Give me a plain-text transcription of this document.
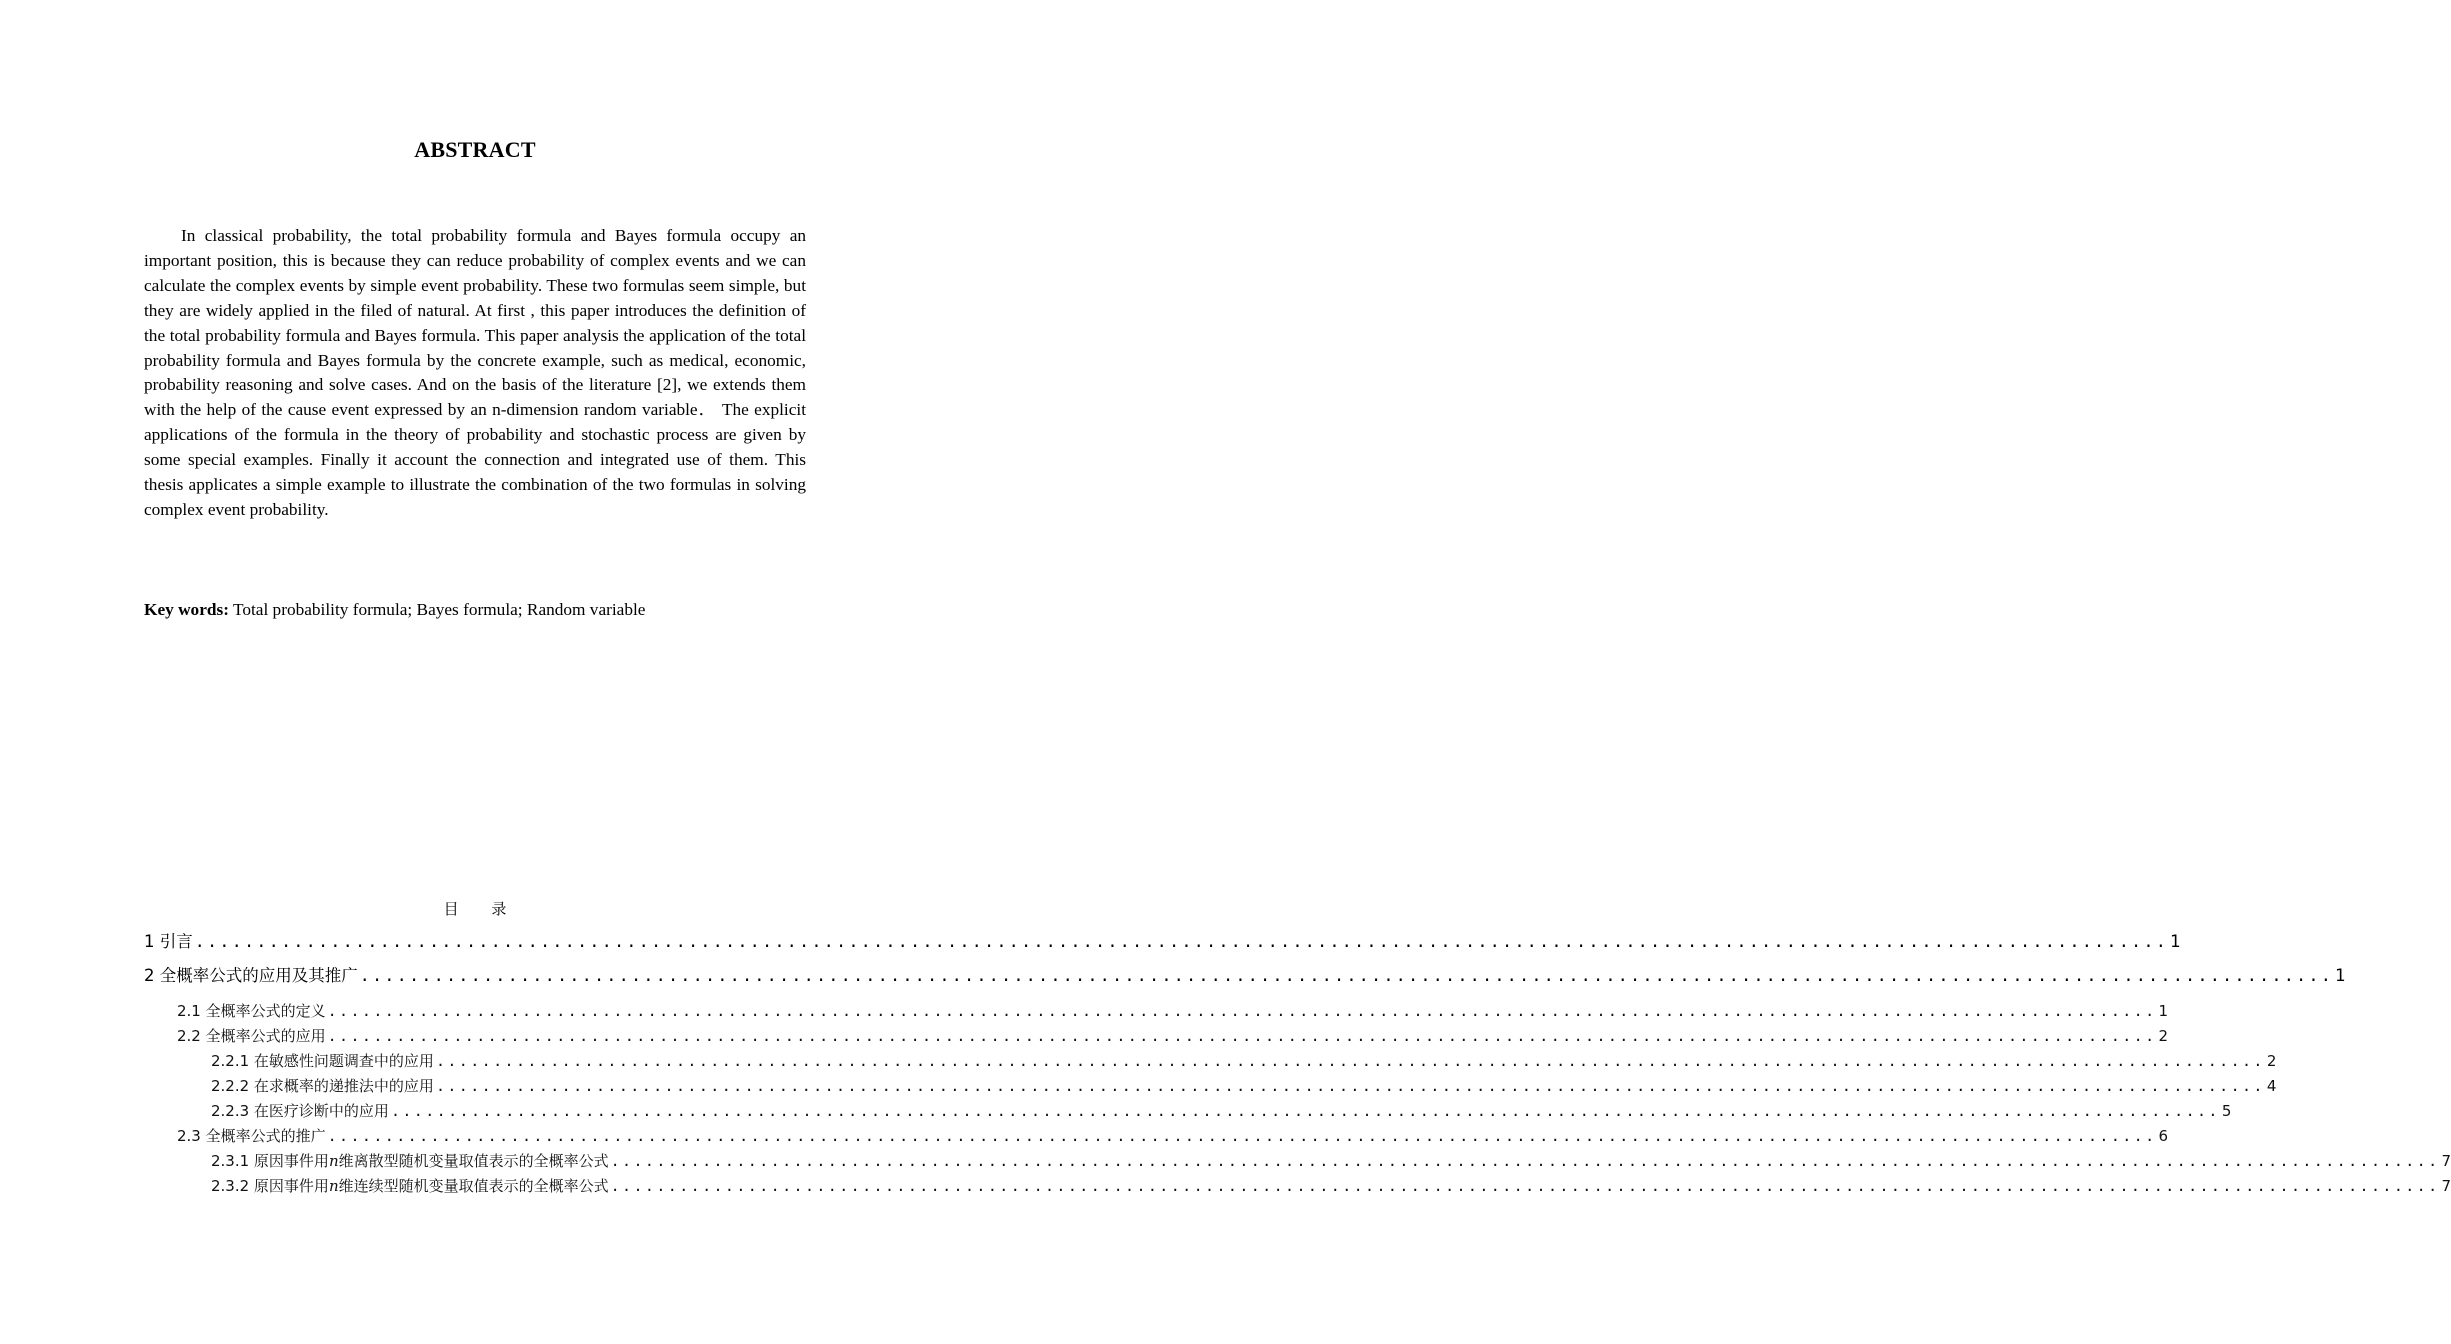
ABSTRACT

In classical probability, the total probability formula and Bayes formula occupy an important position, this is because they can reduce probability of complex events and we can calculate the complex events by simple event probability. These two formulas seem simple, but they are widely applied in the filed of natural. At first , this paper introduces the definition of the total probability formula and Bayes formula. This paper analysis the application of the total probability formula and Bayes formula by the concrete example, such as medical, economic, probability reasoning and solve cases. And on the basis of the literature [2], we extends them with the help of the cause event expressed by an n-dimension random variable． The explicit applications of the formula in the theory of probability and stochastic process are given by some special examples. Finally it account the connection and integrated use of them. This thesis applicates a simple example to illustrate the combination of the two formulas in solving complex event probability.

Key words: Total probability formula; Bayes formula; Random variable
目 录
1 引言 ................................................................................................................................................................ 1
2 全概率公式的应用及其推广 ................................................................................................................................................................ 1
2.1 全概率公式的定义 ................................................................................................................................................................ 1
2.2 全概率公式的应用 ................................................................................................................................................................ 2
2.2.1 在敏感性问题调查中的应用 ................................................................................................................................................................ 2
2.2.2 在求概率的递推法中的应用 ................................................................................................................................................................ 4
2.2.3 在医疗诊断中的应用 ................................................................................................................................................................ 5
2.3 全概率公式的推广 ................................................................................................................................................................ 6
2.3.1 原因事件用n维离散型随机变量取值表示的全概率公式 ................................................................................................................................................................ 7
2.3.2 原因事件用n维连续型随机变量取值表示的全概率公式 ................................................................................................................................................................ 7
